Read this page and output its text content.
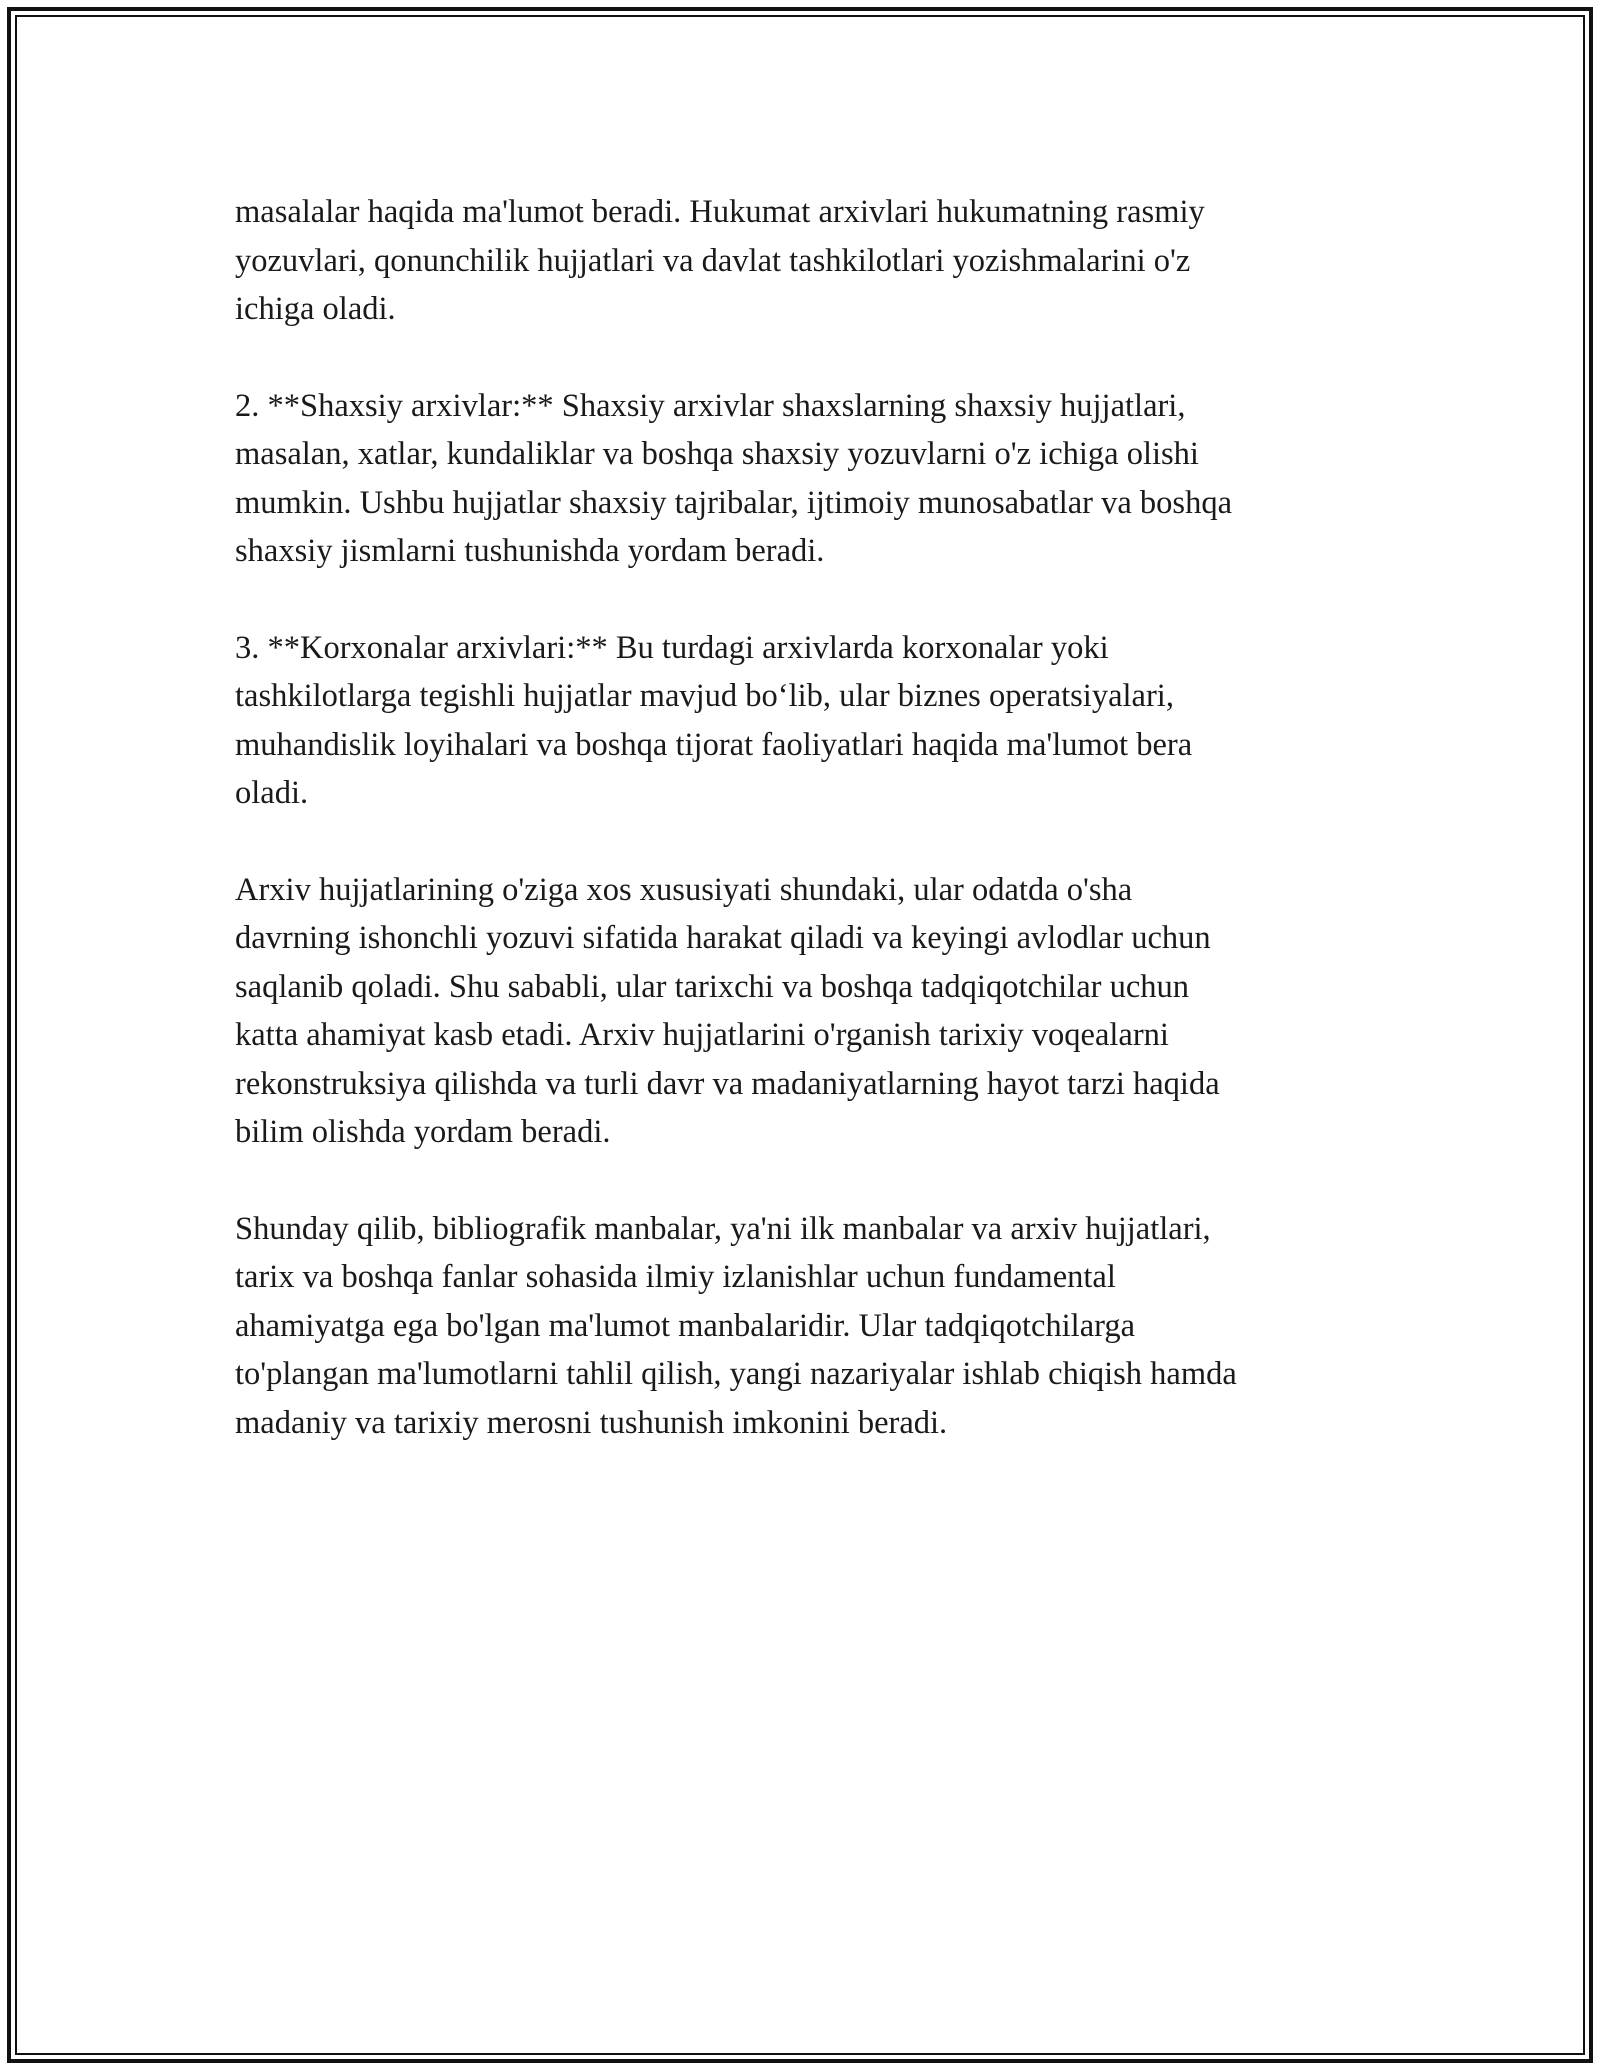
masalalar haqida ma'lumot beradi. Hukumat arxivlari hukumatning rasmiy
yozuvlari, qonunchilik hujjatlari va davlat tashkilotlari yozishmalarini o'z
ichiga oladi.

2. **Shaxsiy arxivlar:** Shaxsiy arxivlar shaxslarning shaxsiy hujjatlari,
masalan, xatlar, kundaliklar va boshqa shaxsiy yozuvlarni o'z ichiga olishi
mumkin. Ushbu hujjatlar shaxsiy tajribalar, ijtimoiy munosabatlar va boshqa
shaxsiy jismlarni tushunishda yordam beradi.

3. **Korxonalar arxivlari:** Bu turdagi arxivlarda korxonalar yoki
tashkilotlarga tegishli hujjatlar mavjud bo‘lib, ular biznes operatsiyalari,
muhandislik loyihalari va boshqa tijorat faoliyatlari haqida ma'lumot bera
oladi.

Arxiv hujjatlarining o'ziga xos xususiyati shundaki, ular odatda o'sha
davrning ishonchli yozuvi sifatida harakat qiladi va keyingi avlodlar uchun
saqlanib qoladi. Shu sababli, ular tarixchi va boshqa tadqiqotchilar uchun
katta ahamiyat kasb etadi. Arxiv hujjatlarini o'rganish tarixiy voqealarni
rekonstruksiya qilishda va turli davr va madaniyatlarning hayot tarzi haqida
bilim olishda yordam beradi.

Shunday qilib, bibliografik manbalar, ya'ni ilk manbalar va arxiv hujjatlari,
tarix va boshqa fanlar sohasida ilmiy izlanishlar uchun fundamental
ahamiyatga ega bo'lgan ma'lumot manbalaridir. Ular tadqiqotchilarga
to'plangan ma'lumotlarni tahlil qilish, yangi nazariyalar ishlab chiqish hamda
madaniy va tarixiy merosni tushunish imkonini beradi.
